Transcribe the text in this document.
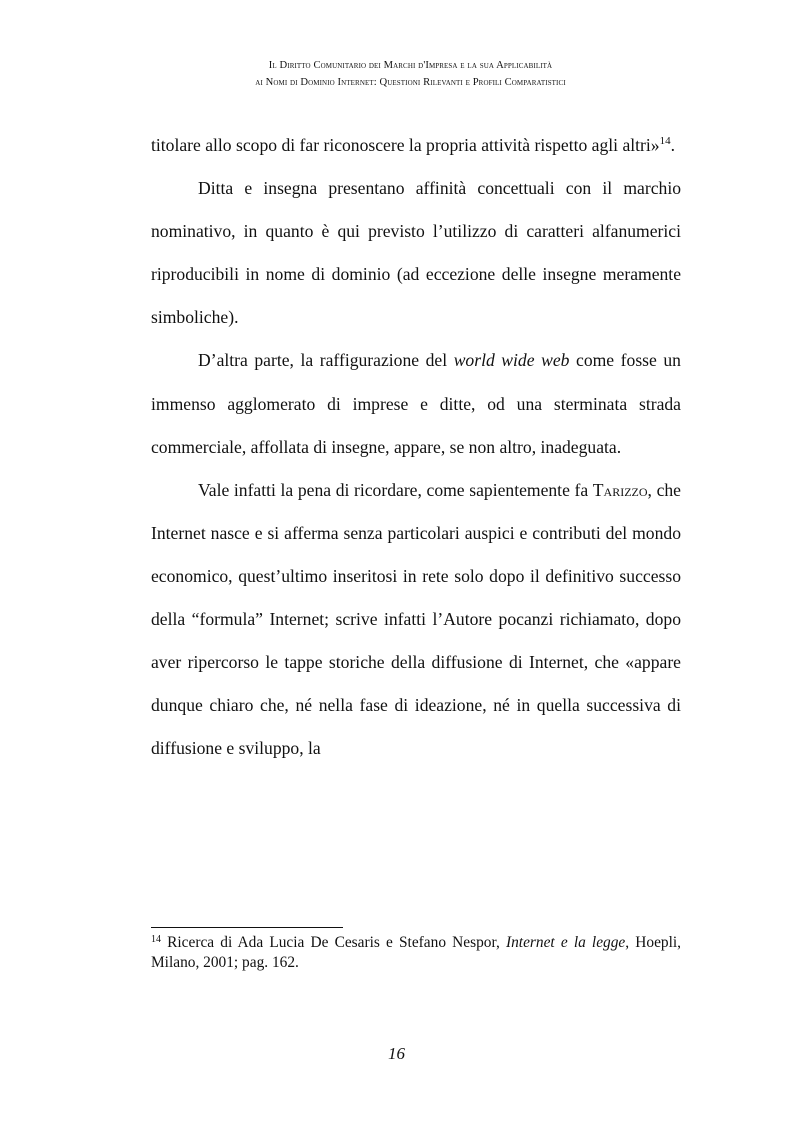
Il Diritto Comunitario dei Marchi d'Impresa e la sua Applicabilità
ai Nomi di Dominio Internet: Questioni Rilevanti e Profili Comparatistici

titolare allo scopo di far riconoscere la propria attività rispetto agli altri»$^{14}$.

Ditta e insegna presentano affinità concettuali con il marchio nominativo, in quanto è qui previsto l’utilizzo di caratteri alfanumerici riproducibili in nome di dominio (ad eccezione delle insegne meramente simboliche).

D’altra parte, la raffigurazione del world wide web come fosse un immenso agglomerato di imprese e ditte, od una sterminata strada commerciale, affollata di insegne, appare, se non altro, inadeguata.

Vale infatti la pena di ricordare, come sapientemente fa Tarizzo, che Internet nasce e si afferma senza particolari auspici e contributi del mondo economico, quest’ultimo inseritosi in rete solo dopo il definitivo successo della “formula” Internet; scrive infatti l’Autore pocanzi richiamato, dopo aver ripercorso le tappe storiche della diffusione di Internet, che «appare dunque chiaro che, né nella fase di ideazione, né in quella successiva di diffusione e sviluppo, la

$^{14}$ Ricerca di Ada Lucia De Cesaris e Stefano Nespor, Internet e la legge, Hoepli, Milano, 2001; pag. 162.
16
